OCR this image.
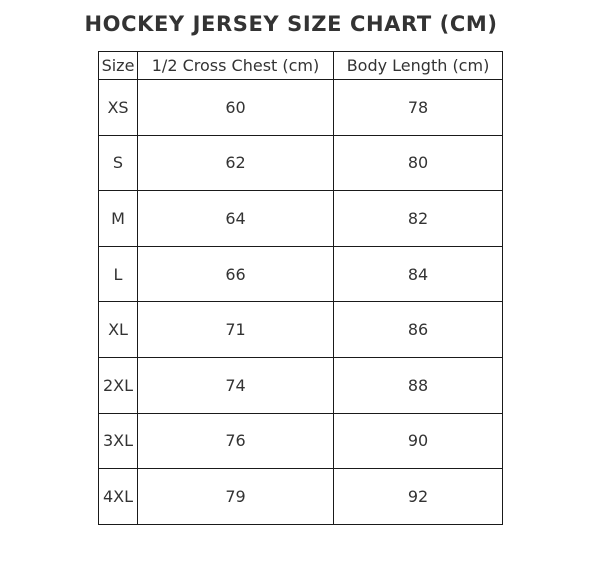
HOCKEY JERSEY SIZE CHART (CM)
Size	1/2 Cross Chest (cm)	Body Length (cm)
XS	60	78
S	62	80
M	64	82
L	66	84
XL	71	86
2XL	74	88
3XL	76	90
4XL	79	92
